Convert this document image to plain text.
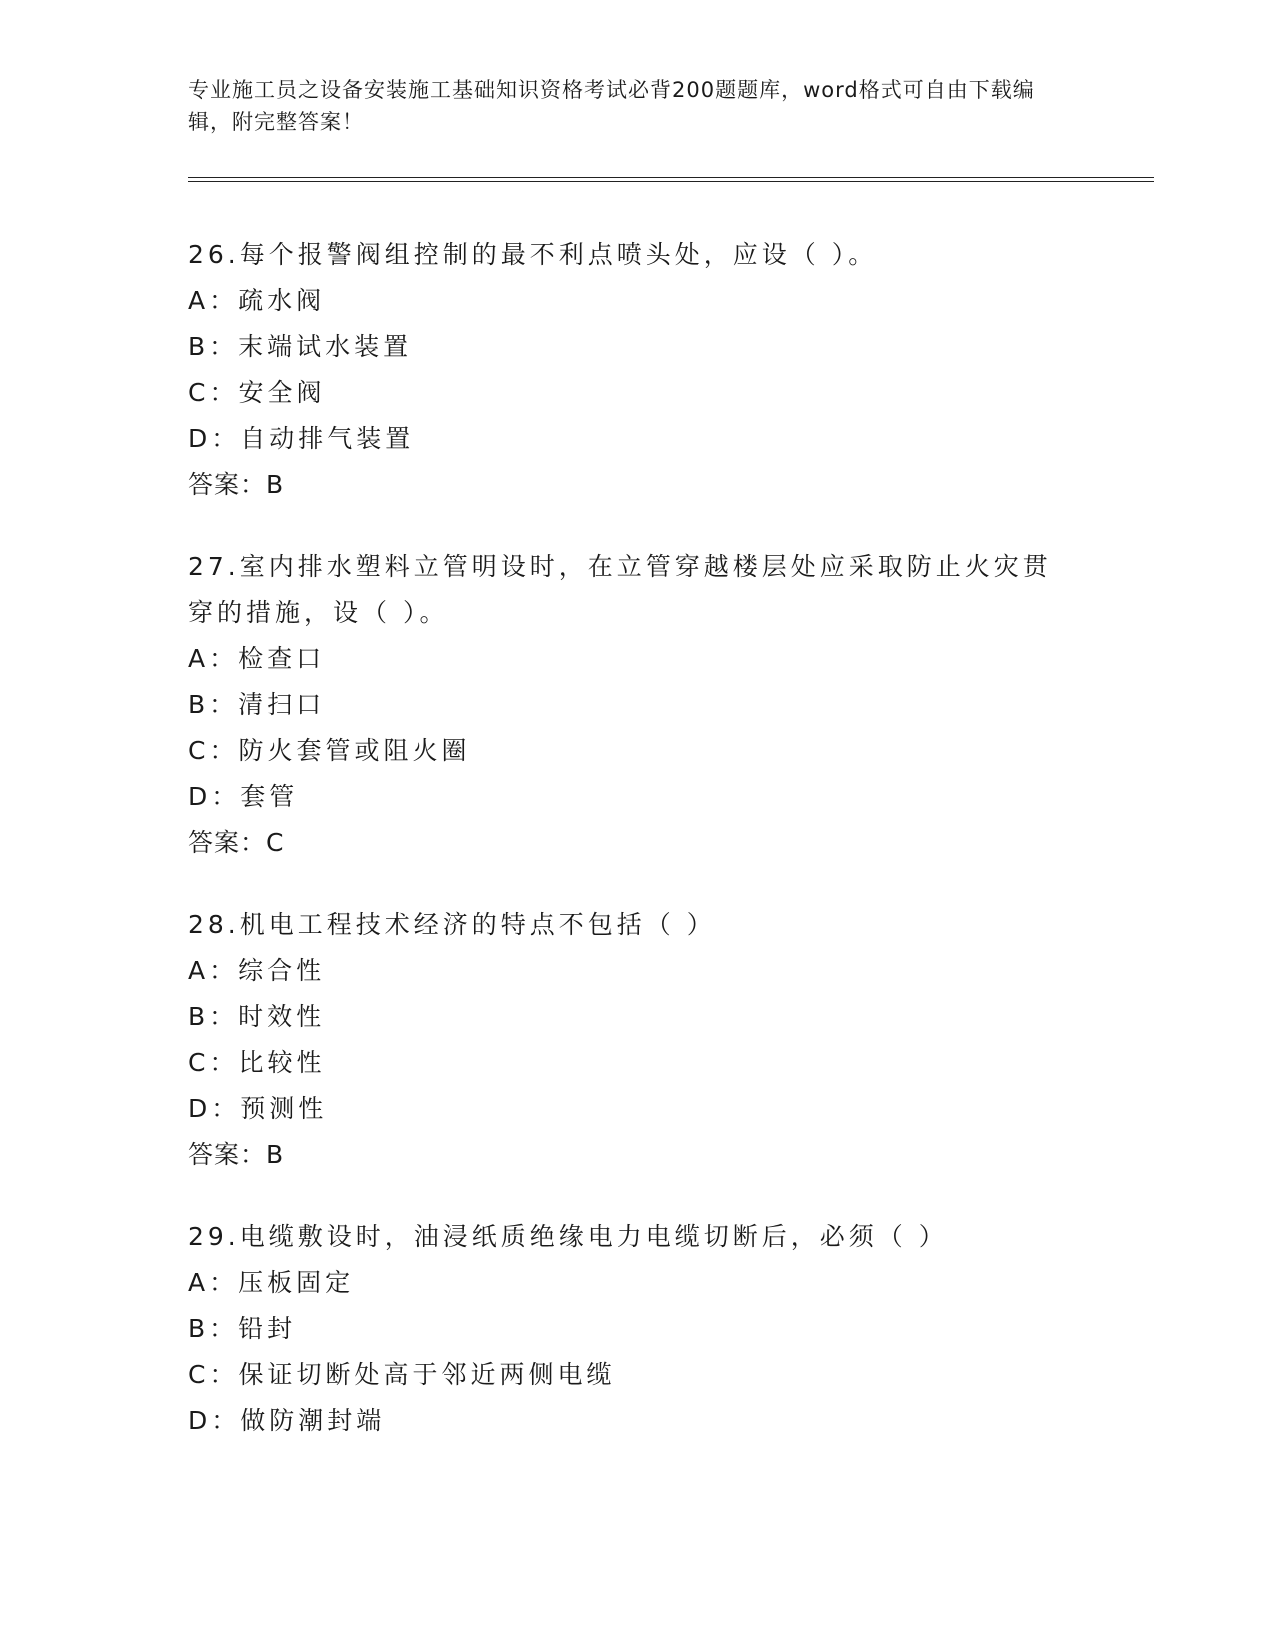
专业施工员之设备安装施工基础知识资格考试必背200题题库，word格式可自由下载编辑，附完整答案！
26.每个报警阀组控制的最不利点喷头处，应设（ ）。
A：疏水阀
B：末端试水装置
C：安全阀
D：自动排气装置
答案：B
27.室内排水塑料立管明设时，在立管穿越楼层处应采取防止火灾贯穿的措施，设（ ）。
A：检查口
B：清扫口
C：防火套管或阻火圈
D：套管
答案：C
28.机电工程技术经济的特点不包括（ ）
A：综合性
B：时效性
C：比较性
D：预测性
答案：B
29.电缆敷设时，油浸纸质绝缘电力电缆切断后，必须（ ）
A：压板固定
B：铅封
C：保证切断处高于邻近两侧电缆
D：做防潮封端
